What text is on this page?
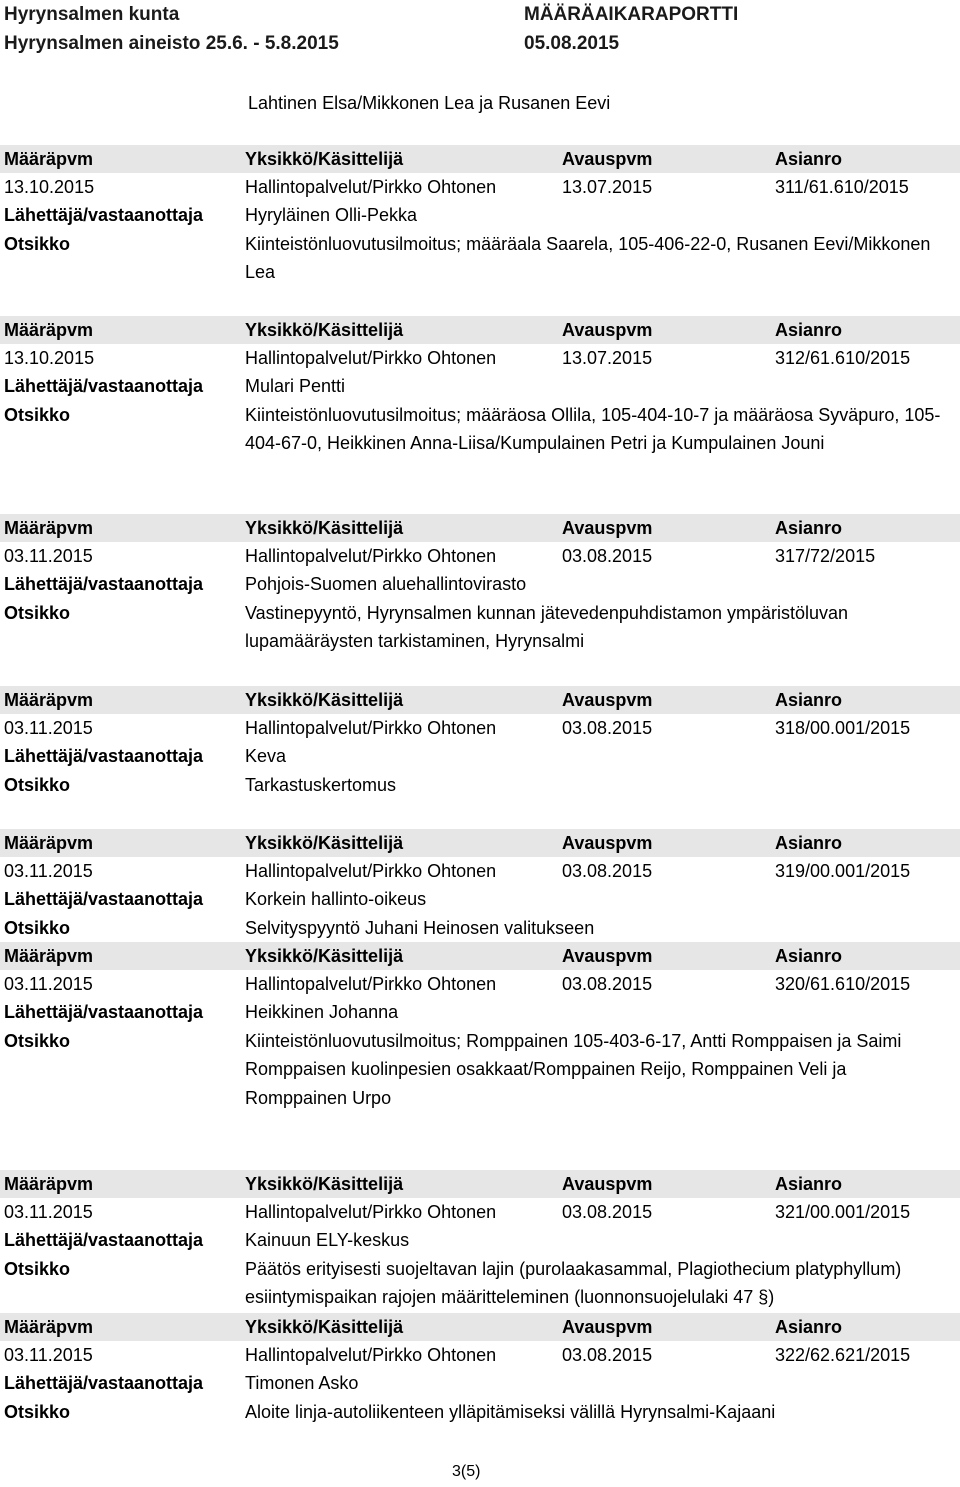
Hyrynsalmen kunta
Hyrynsalmen aineisto 25.6. - 5.8.2015
MÄÄRÄAIKARAPORTTI
05.08.2015
Lahtinen Elsa/Mikkonen Lea ja Rusanen Eevi
Määräpvm	Yksikkö/Käsittelijä	Avauspvm	Asianro
13.10.2015	Hallintopalvelut/Pirkko Ohtonen	13.07.2015	311/61.610/2015
Lähettäjä/vastaanottaja Hyryläinen Olli-Pekka
Otsikko	Kiinteistönluovutusilmoitus; määräala Saarela, 105-406-22-0, Rusanen Eevi/Mikkonen Lea
Määräpvm	Yksikkö/Käsittelijä	Avauspvm	Asianro
13.10.2015	Hallintopalvelut/Pirkko Ohtonen	13.07.2015	312/61.610/2015
Lähettäjä/vastaanottaja Mulari Pentti
Otsikko	Kiinteistönluovutusilmoitus; määräosa Ollila, 105-404-10-7 ja määräosa Syväpuro, 105-404-67-0, Heikkinen Anna-Liisa/Kumpulainen Petri ja Kumpulainen Jouni
Määräpvm	Yksikkö/Käsittelijä	Avauspvm	Asianro
03.11.2015	Hallintopalvelut/Pirkko Ohtonen	03.08.2015	317/72/2015
Lähettäjä/vastaanottaja Pohjois-Suomen aluehallintovirasto
Otsikko	Vastinepyyntö, Hyrynsalmen kunnan jätevedenpuhdistamon ympäristöluvan lupamääräysten tarkistaminen, Hyrynsalmi
Määräpvm	Yksikkö/Käsittelijä	Avauspvm	Asianro
03.11.2015	Hallintopalvelut/Pirkko Ohtonen	03.08.2015	318/00.001/2015
Lähettäjä/vastaanottaja Keva
Otsikko	Tarkastuskertomus
Määräpvm	Yksikkö/Käsittelijä	Avauspvm	Asianro
03.11.2015	Hallintopalvelut/Pirkko Ohtonen	03.08.2015	319/00.001/2015
Lähettäjä/vastaanottaja Korkein hallinto-oikeus
Otsikko	Selvityspyyntö Juhani Heinosen valitukseen
Määräpvm	Yksikkö/Käsittelijä	Avauspvm	Asianro
03.11.2015	Hallintopalvelut/Pirkko Ohtonen	03.08.2015	320/61.610/2015
Lähettäjä/vastaanottaja Heikkinen Johanna
Otsikko	Kiinteistönluovutusilmoitus; Romppainen 105-403-6-17, Antti Romppaisen ja Saimi Romppaisen kuolinpesien osakkaat/Romppainen Reijo, Romppainen Veli ja Romppainen Urpo
Määräpvm	Yksikkö/Käsittelijä	Avauspvm	Asianro
03.11.2015	Hallintopalvelut/Pirkko Ohtonen	03.08.2015	321/00.001/2015
Lähettäjä/vastaanottaja Kainuun ELY-keskus
Otsikko	Päätös erityisesti suojeltavan lajin (purolaakasammal, Plagiothecium platyphyllum) esiintymispaikan rajojen määritteleminen (luonnonsuojelulaki 47 §)
Määräpvm	Yksikkö/Käsittelijä	Avauspvm	Asianro
03.11.2015	Hallintopalvelut/Pirkko Ohtonen	03.08.2015	322/62.621/2015
Lähettäjä/vastaanottaja Timonen Asko
Otsikko	Aloite linja-autoliikenteen ylläpitämiseksi välillä Hyrynsalmi-Kajaani
3(5)
